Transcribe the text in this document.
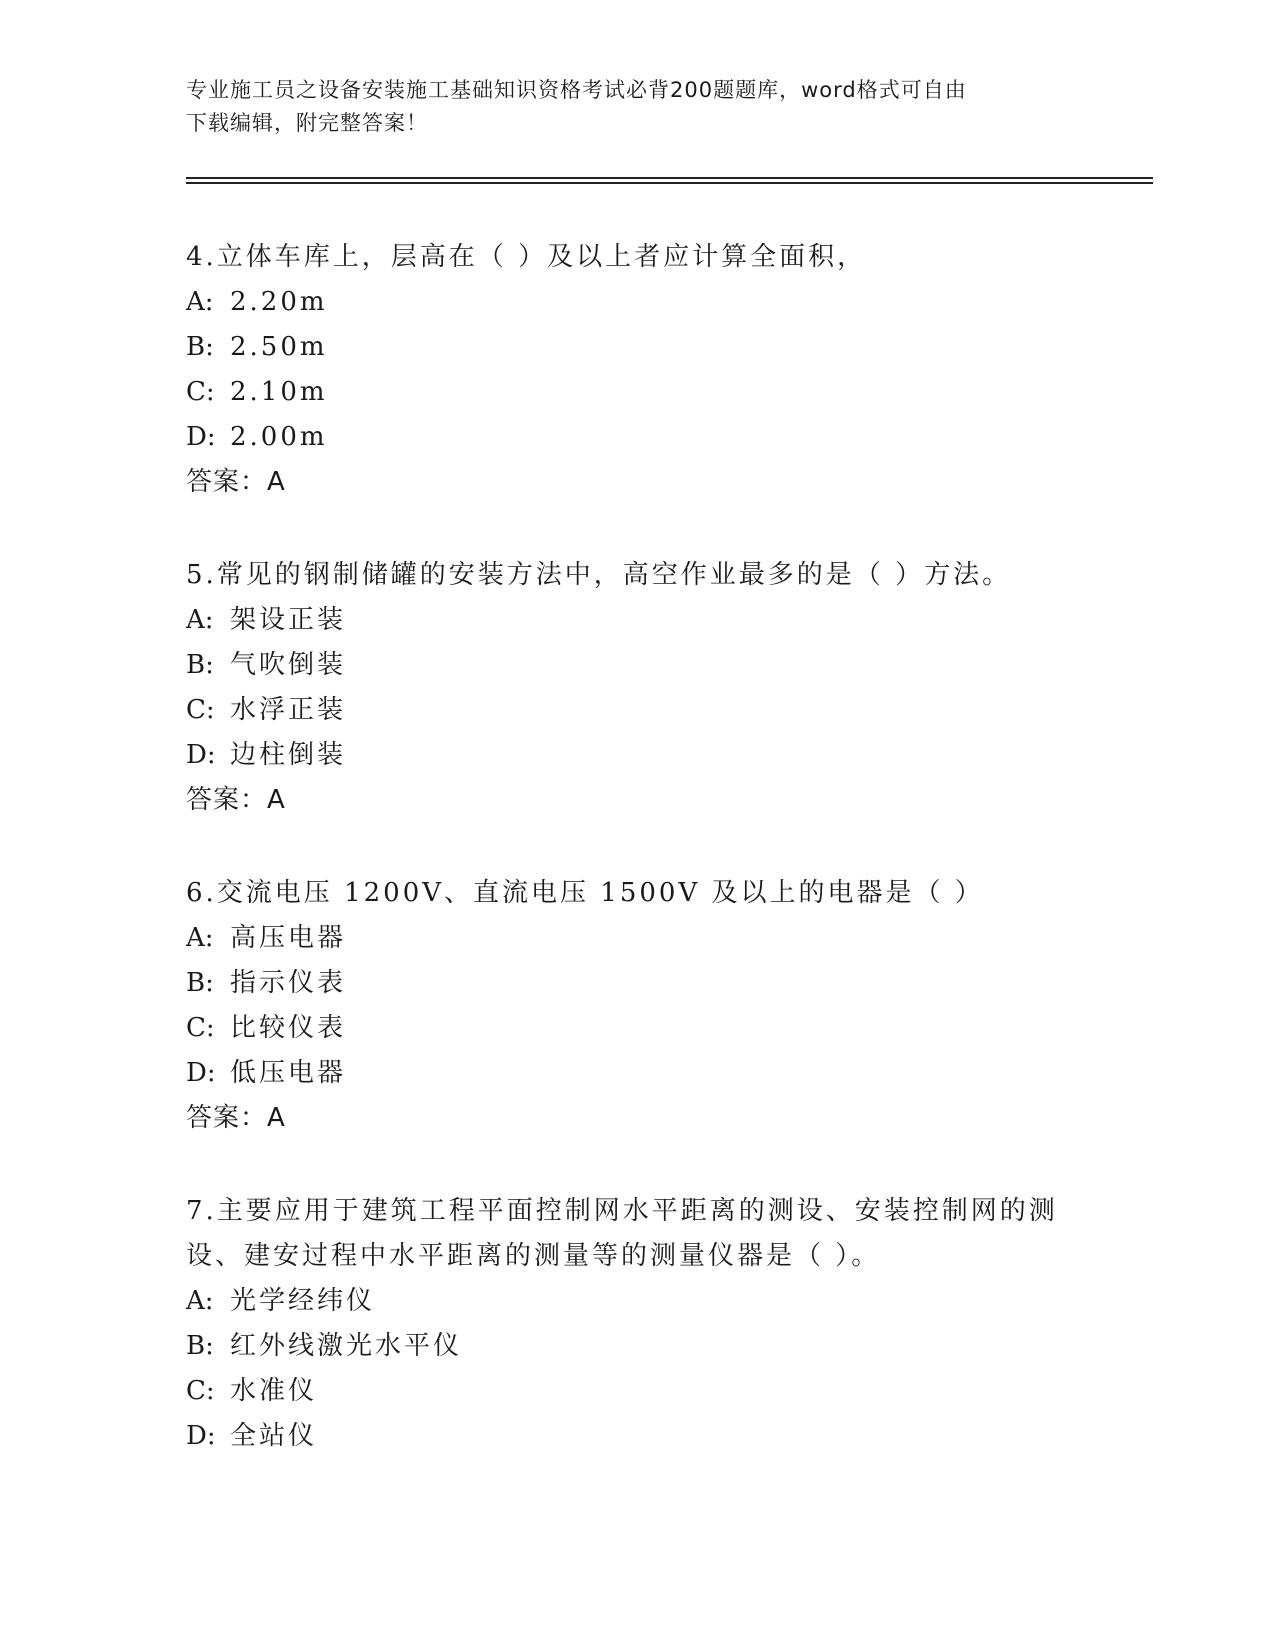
专业施工员之设备安装施工基础知识资格考试必背200题题库，word格式可自由
下载编辑，附完整答案！
4.立体车库上，层高在（ ）及以上者应计算全面积，
A: 2.20m
B: 2.50m
C: 2.10m
D: 2.00m
答案：A
5.常见的钢制储罐的安装方法中，高空作业最多的是（ ）方法。
A: 架设正装
B: 气吹倒装
C: 水浮正装
D: 边柱倒装
答案：A
6.交流电压 1200V、直流电压 1500V 及以上的电器是（ ）
A: 高压电器
B: 指示仪表
C: 比较仪表
D: 低压电器
答案：A
7.主要应用于建筑工程平面控制网水平距离的测设、安装控制网的测
设、建安过程中水平距离的测量等的测量仪器是（ ）。
A: 光学经纬仪
B: 红外线激光水平仪
C: 水准仪
D: 全站仪
